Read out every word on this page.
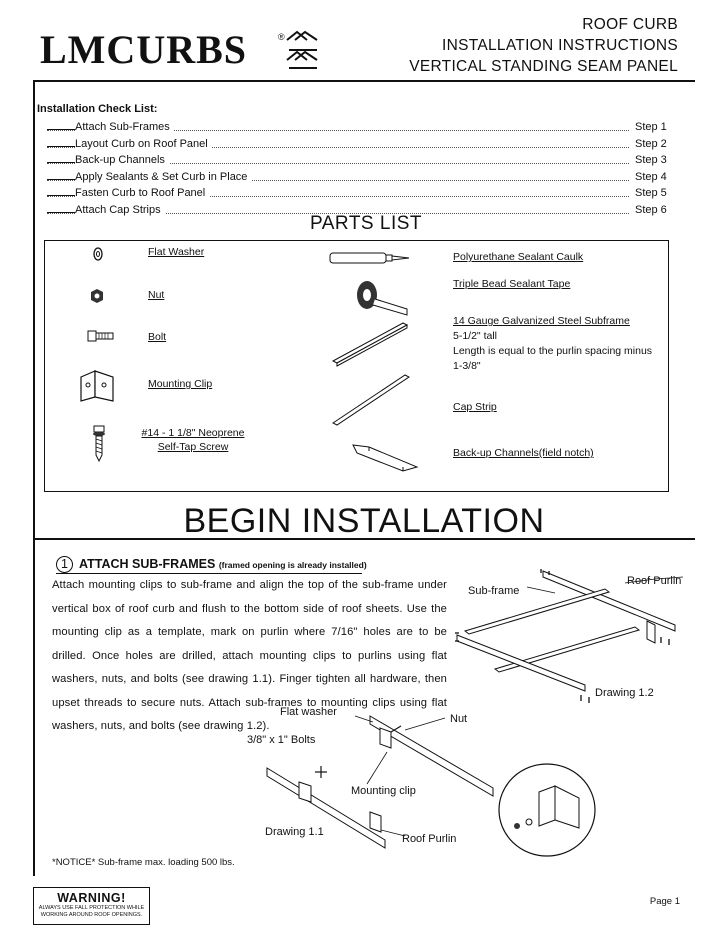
LMCURBS	®
ROOF CURB
INSTALLATION INSTRUCTIONS
VERTICAL STANDING SEAM PANEL
Installation Check List:
Attach Sub-Frames	Step 1
Layout Curb on Roof Panel	Step 2
Back-up Channels	Step 3
Apply Sealants & Set Curb in Place	Step 4
Fasten Curb to Roof Panel	Step 5
Attach Cap Strips	Step 6
PARTS LIST
Flat Washer
Nut
Bolt
Mounting Clip
#14 - 1 1/8" Neoprene
Self-Tap Screw
Polyurethane Sealant Caulk
Triple Bead Sealant Tape
14 Gauge Galvanized Steel Subframe
5-1/2" tall
Length is equal to the purlin spacing minus
1-3/8"
Cap Strip
Back-up Channels(field notch)
BEGIN INSTALLATION
1 ATTACH SUB-FRAMES (framed opening is already installed)
Attach mounting clips to sub-frame and align the top of the sub-frame under vertical box of roof curb and flush to the bottom side of roof sheets. Use the mounting clip as a template, mark on purlin where 7/16" holes are to be drilled. Once holes are drilled, attach mounting clips to purlins using flat washers, nuts, and bolts (see drawing 1.1). Finger tighten all hardware, then upset threads to secure nuts. Attach sub-frames to mounting clips using flat washers, nuts, and bolts (see drawing 1.2).
Sub-frame
Roof Purlin
Drawing 1.2
Flat washer
Nut
3/8" x 1" Bolts
Mounting clip
Drawing 1.1
Roof Purlin
*NOTICE* Sub-frame max. loading 500 lbs.
WARNING!
ALWAYS USE FALL PROTECTION WHILE
WORKING AROUND ROOF OPENINGS.
Page 1
